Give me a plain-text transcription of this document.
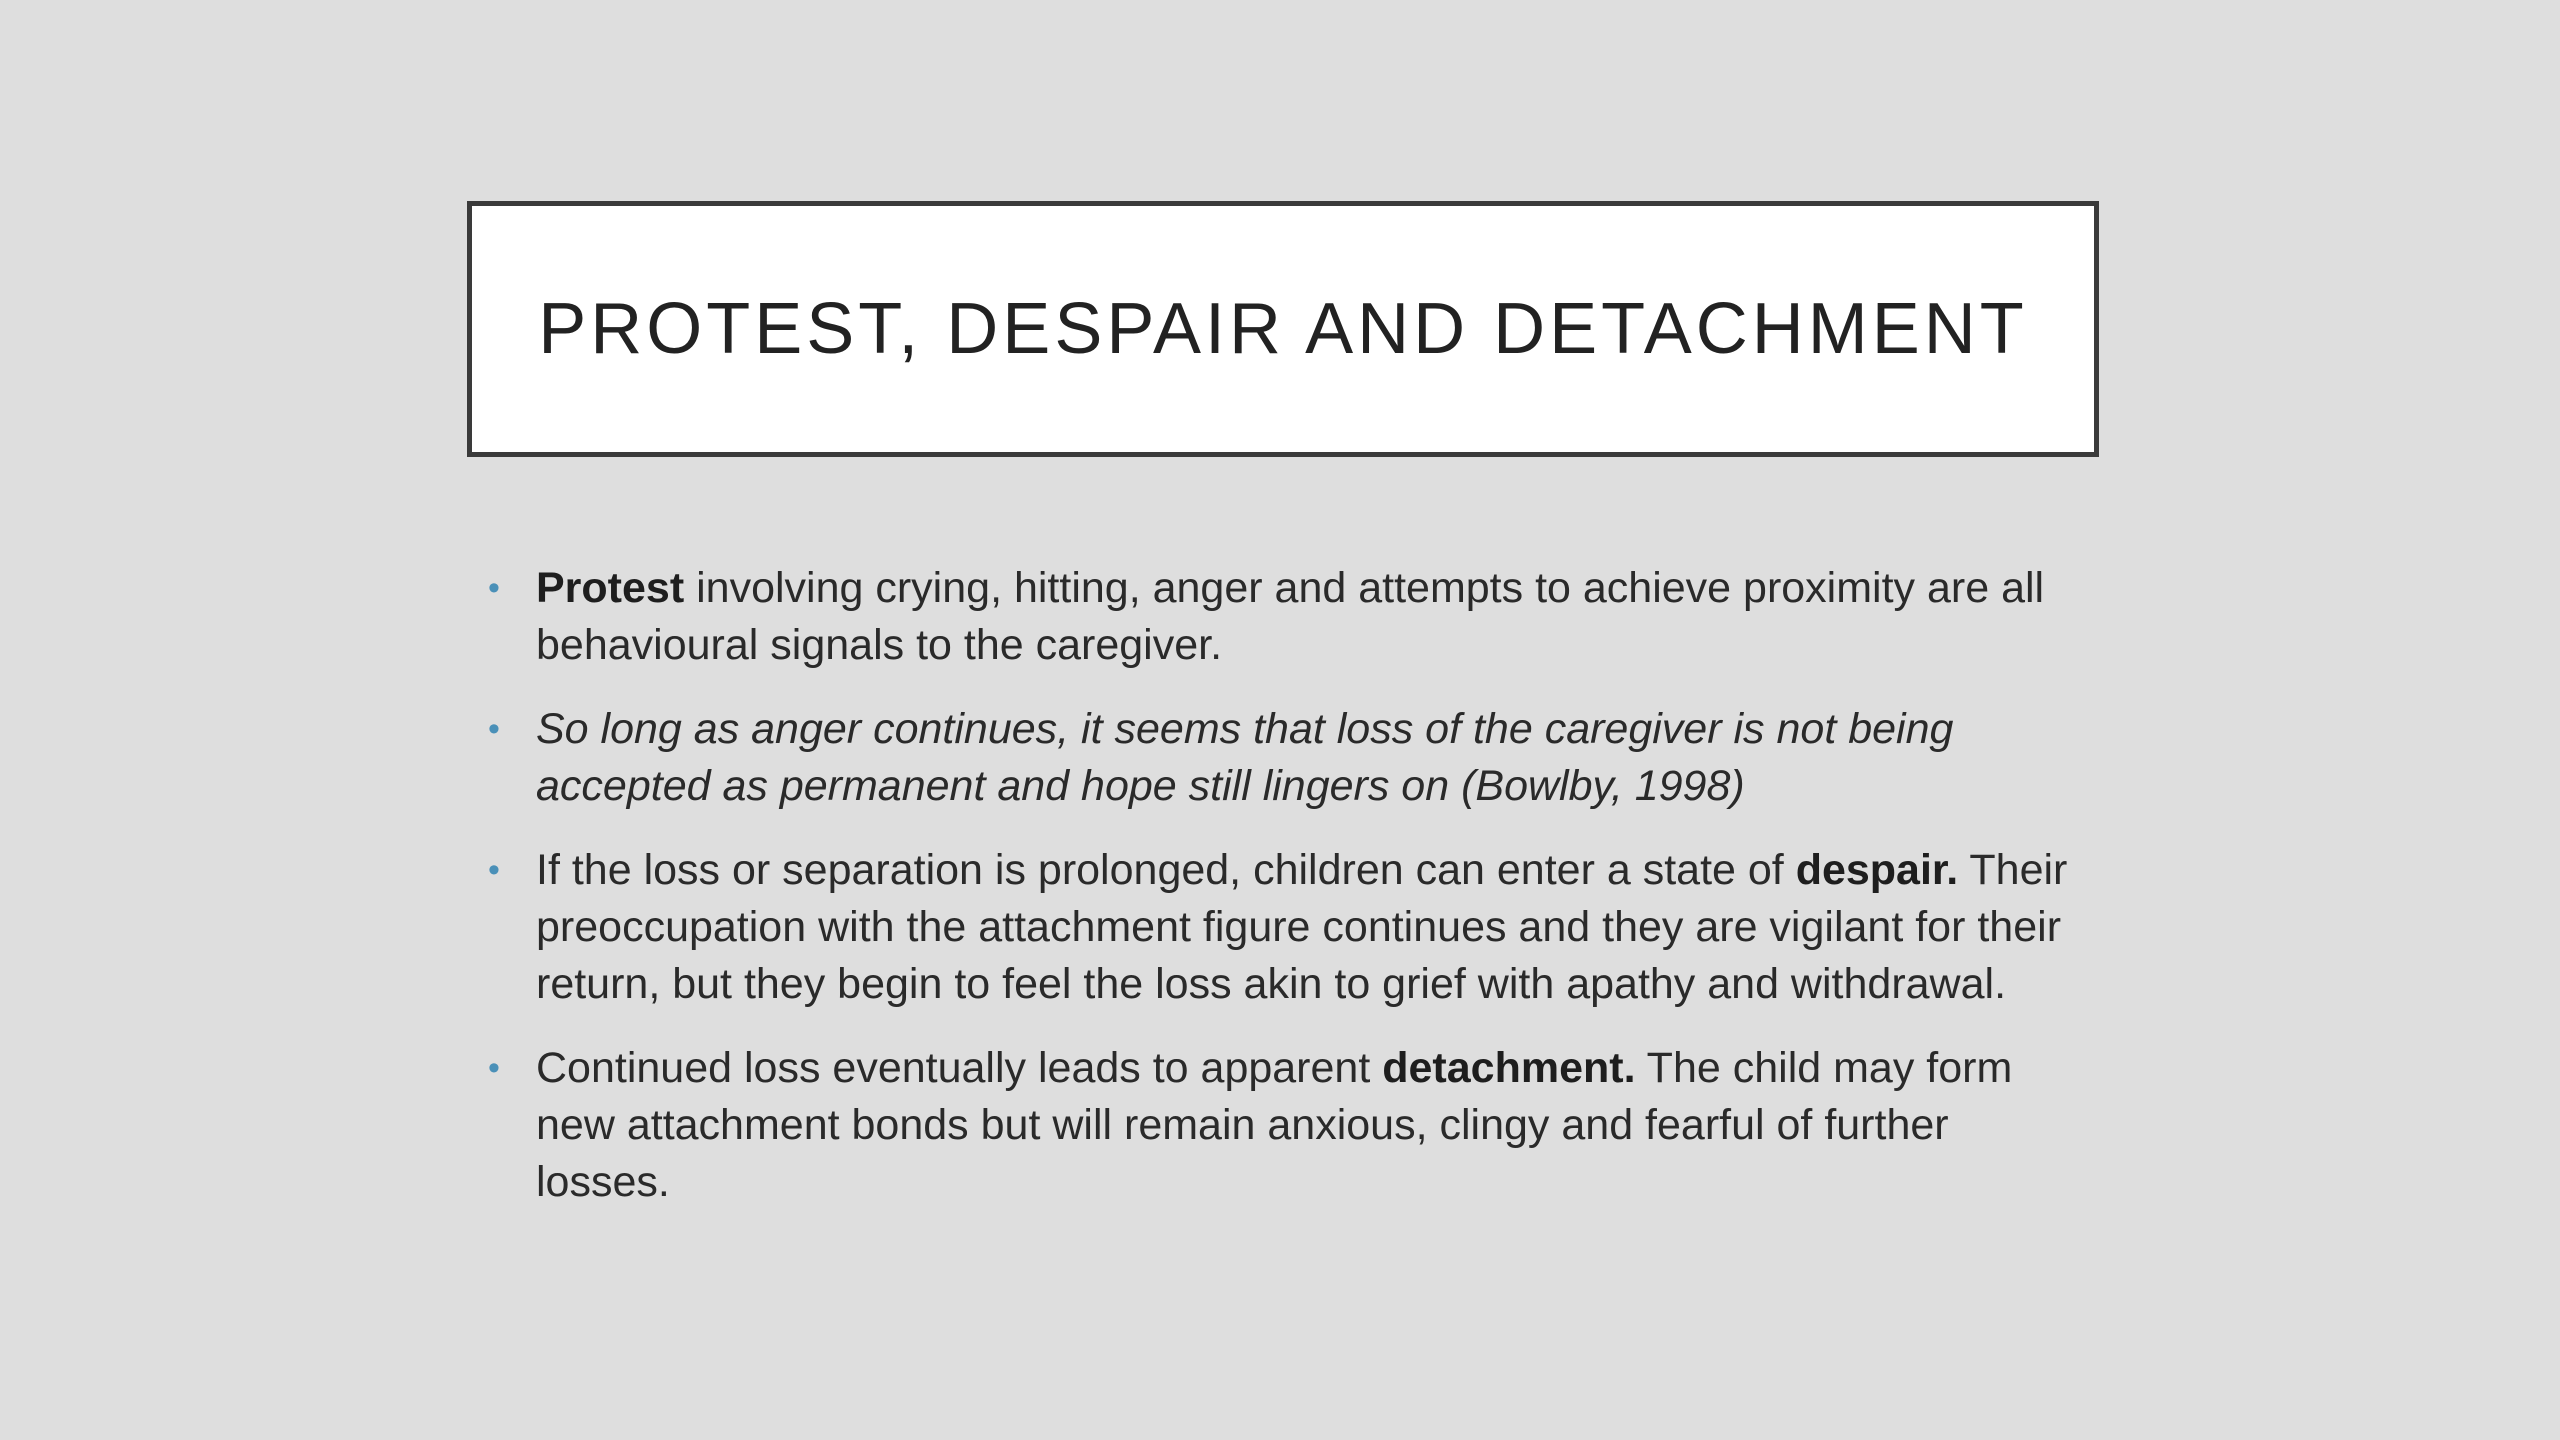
PROTEST, DESPAIR AND DETACHMENT
• Protest involving crying, hitting, anger and attempts to achieve proximity are all behavioural signals to the caregiver.
• So long as anger continues, it seems that loss of the caregiver is not being accepted as permanent and hope still lingers on (Bowlby, 1998)
• If the loss or separation is prolonged, children can enter a state of despair. Their preoccupation with the attachment figure continues and they are vigilant for their return, but they begin to feel the loss akin to grief with apathy and withdrawal.
• Continued loss eventually leads to apparent detachment. The child may form new attachment bonds but will remain anxious, clingy and fearful of further losses.
